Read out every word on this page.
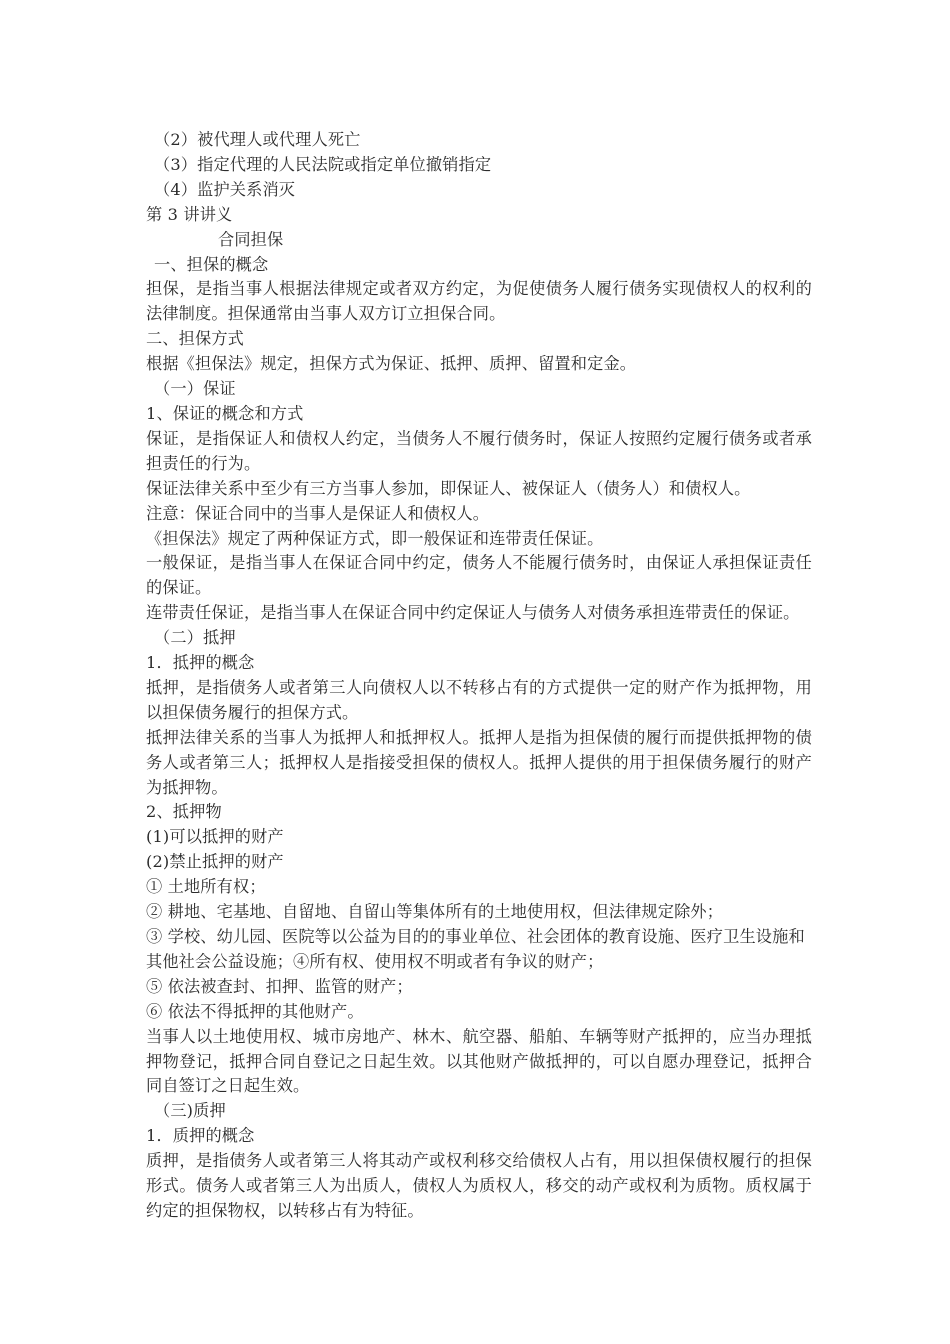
（2）被代理人或代理人死亡
（3）指定代理的人民法院或指定单位撤销指定
（4）监护关系消灭
第 3 讲讲义
合同担保
一、担保的概念
担保，是指当事人根据法律规定或者双方约定，为促使债务人履行债务实现债权人的权利的法律制度。担保通常由当事人双方订立担保合同。
二、担保方式
根据《担保法》规定，担保方式为保证、抵押、质押、留置和定金。
（一）保证
1、保证的概念和方式
保证，是指保证人和债权人约定，当债务人不履行债务时，保证人按照约定履行债务或者承担责任的行为。
保证法律关系中至少有三方当事人参加，即保证人、被保证人（债务人）和债权人。
注意：保证合同中的当事人是保证人和债权人。
《担保法》规定了两种保证方式，即一般保证和连带责任保证。
一般保证，是指当事人在保证合同中约定，债务人不能履行债务时，由保证人承担保证责任的保证。
连带责任保证，是指当事人在保证合同中约定保证人与债务人对债务承担连带责任的保证。
（二）抵押
1．抵押的概念
抵押，是指债务人或者第三人向债权人以不转移占有的方式提供一定的财产作为抵押物，用以担保债务履行的担保方式。
抵押法律关系的当事人为抵押人和抵押权人。抵押人是指为担保债的履行而提供抵押物的债务人或者第三人；抵押权人是指接受担保的债权人。抵押人提供的用于担保债务履行的财产为抵押物。
2、抵押物
(1)可以抵押的财产
(2)禁止抵押的财产
① 土地所有权；
② 耕地、宅基地、自留地、自留山等集体所有的土地使用权，但法律规定除外；
③ 学校、幼儿园、医院等以公益为目的的事业单位、社会团体的教育设施、医疗卫生设施和其他社会公益设施；④所有权、使用权不明或者有争议的财产；
⑤ 依法被查封、扣押、监管的财产；
⑥ 依法不得抵押的其他财产。
当事人以土地使用权、城市房地产、林木、航空器、船舶、车辆等财产抵押的，应当办理抵押物登记，抵押合同自登记之日起生效。以其他财产做抵押的，可以自愿办理登记，抵押合同自签订之日起生效。
（三)质押
1．质押的概念
质押，是指债务人或者第三人将其动产或权利移交给债权人占有，用以担保债权履行的担保形式。债务人或者第三人为出质人，债权人为质权人，移交的动产或权利为质物。质权属于约定的担保物权，以转移占有为特征。
